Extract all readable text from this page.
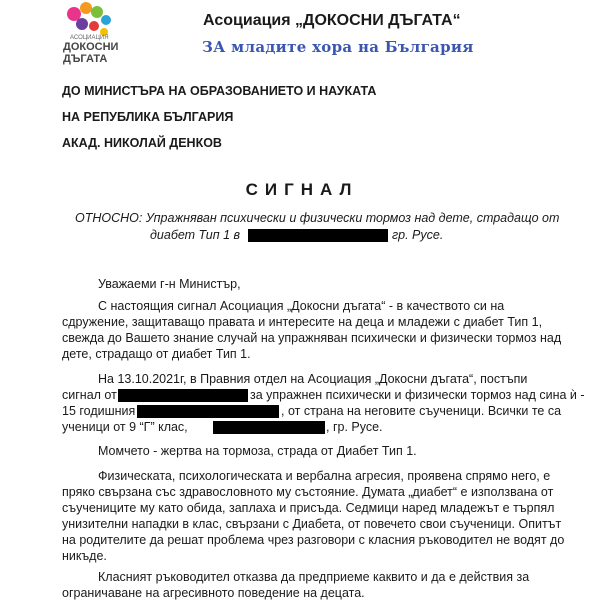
АСОЦИАЦИЯ
ДОКОСНИ
ДЪГАТА
Асоциация „ДОКОСНИ ДЪГАТА“
ЗА младите хора на България
ДО МИНИСТЪРА НА ОБРАЗОВАНИЕТО И НАУКАТА
НА РЕПУБЛИКА БЪЛГАРИЯ
АКАД. НИКОЛАЙ ДЕНКОВ
СИГНАЛ
ОТНОСНО: Упражняван психически и физически тормоз над дете, страдащо от
диабет Тип 1 в	гр. Русе.
Уважаеми г-н Министър,
С настоящия сигнал Асоциация „Докосни дъгата“ - в качеството си на
сдружение, защитаващо правата и интересите на деца и младежи с диабет Тип 1,
свежда до Вашето знание случай на упражняван психически и физически тормоз над
дете, страдащо от диабет Тип 1.
На 13.10.2021г, в Правния отдел на Асоциация „Докосни дъгата“, постъпи
сигнал от	за упражнен психически и физически тормоз над сина ѝ -
15 годишния	, от страна на неговите съученици. Всички те са
ученици от 9 “Г” клас,	, гр. Русе.
Момчето - жертва на тормоза, страда от Диабет Тип 1.
Физическата, психологическата и вербална агресия, проявена спрямо него, е
пряко свързана със здравословното му състояние. Думата „диабет“ е използвана от
съучениците му като обида, заплаха и присъда. Седмици наред младежът е търпял
унизителни нападки в клас, свързани с Диабета, от повечето свои съученици. Опитът
на родителите да решат проблема чрез разговори с класния ръководител не водят до
никъде.
Класният ръководител отказва да предприеме каквито и да е действия за
ограничаване на агресивното поведение на децата.
